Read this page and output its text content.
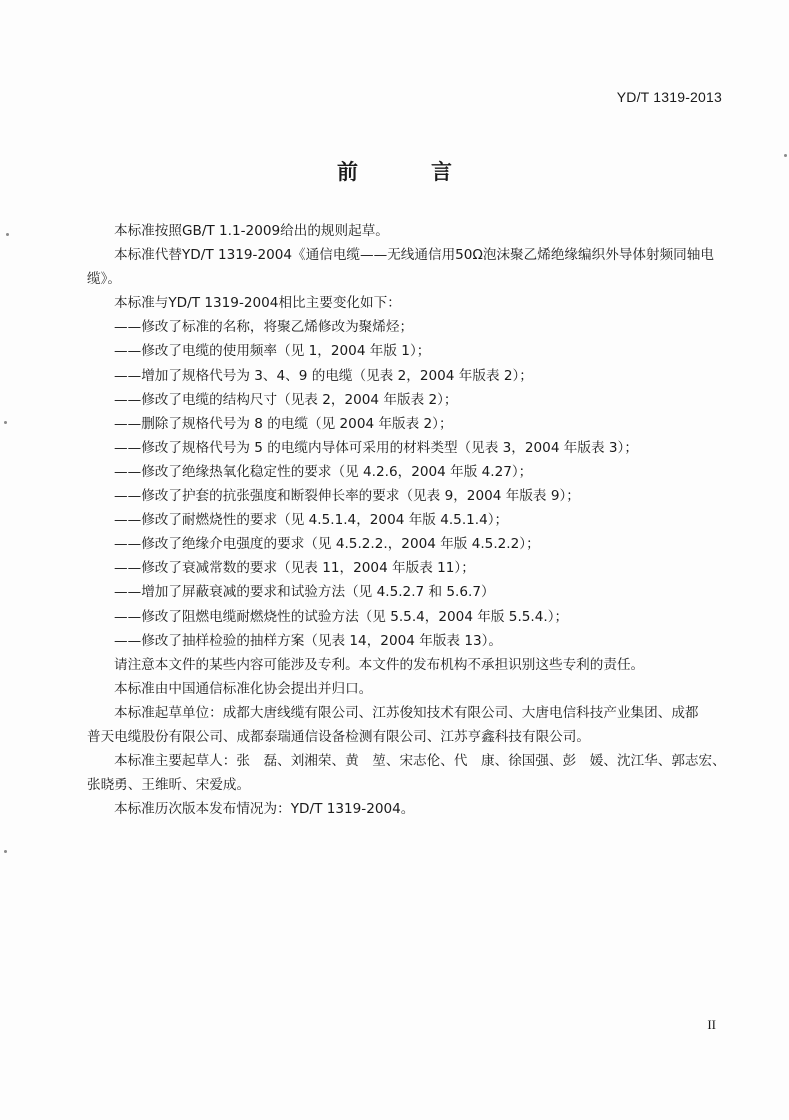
YD/T 1319-2013
前　言

本标准按照GB/T 1.1-2009给出的规则起草。

本标准代替YD/T 1319-2004《通信电缆——无线通信用50Ω泡沫聚乙烯绝缘编织外导体射频同轴电

缆》。

本标准与YD/T 1319-2004相比主要变化如下：

——修改了标准的名称，将聚乙烯修改为聚烯烃；

——修改了电缆的使用频率（见 1，2004 年版 1）；

——增加了规格代号为 3、4、9 的电缆（见表 2，2004 年版表 2）；

——修改了电缆的结构尺寸（见表 2，2004 年版表 2）；

——删除了规格代号为 8 的电缆（见 2004 年版表 2）；

——修改了规格代号为 5 的电缆内导体可采用的材料类型（见表 3，2004 年版表 3）；

——修改了绝缘热氧化稳定性的要求（见 4.2.6，2004 年版 4.27）；

——修改了护套的抗张强度和断裂伸长率的要求（见表 9，2004 年版表 9）；

——修改了耐燃烧性的要求（见 4.5.1.4，2004 年版 4.5.1.4）；

——修改了绝缘介电强度的要求（见 4.5.2.2.，2004 年版 4.5.2.2）；

——修改了衰减常数的要求（见表 11，2004 年版表 11）；

——增加了屏蔽衰减的要求和试验方法（见 4.5.2.7 和 5.6.7）

——修改了阻燃电缆耐燃烧性的试验方法（见 5.5.4，2004 年版 5.5.4.）；

——修改了抽样检验的抽样方案（见表 14，2004 年版表 13）。

请注意本文件的某些内容可能涉及专利。本文件的发布机构不承担识别这些专利的责任。

本标准由中国通信标准化协会提出并归口。

本标准起草单位：成都大唐线缆有限公司、江苏俊知技术有限公司、大唐电信科技产业集团、成都

普天电缆股份有限公司、成都泰瑞通信设备检测有限公司、江苏亨鑫科技有限公司。

本标准主要起草人：张　磊、刘湘荣、黄　堃、宋志伦、代　康、徐国强、彭　媛、沈江华、郭志宏、

张晓勇、王维昕、宋爱成。

本标准历次版本发布情况为：YD/T 1319-2004。

II
